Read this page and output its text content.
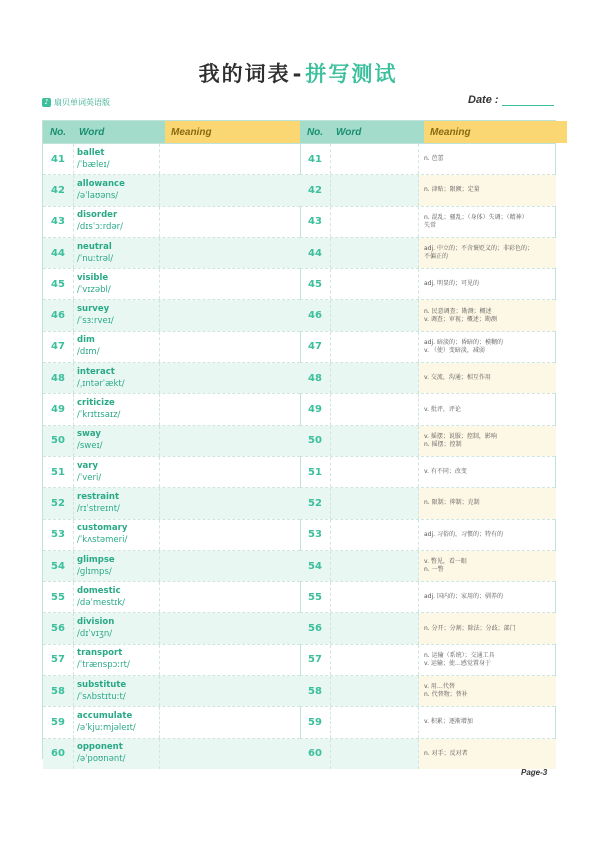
我的词表-拼写测试
♪ 扇贝单词英语版	Date :
No.	Word	Meaning
41
ballet
/ˈbæleɪ/
42
allowance
/əˈlaʊəns/
43
disorder
/dɪsˈɔːrdər/
44
neutral
/ˈnuːtrəl/
45
visible
/ˈvɪzəbl/
46
survey
/ˈsɜːrveɪ/
47
dim
/dɪm/
48
interact
/ˌɪntərˈækt/
49
criticize
/ˈkrɪtɪsaɪz/
50
sway
/sweɪ/
51
vary
/ˈveri/
52
restraint
/rɪˈstreɪnt/
53
customary
/ˈkʌstəmeri/
54
glimpse
/ɡlɪmps/
55
domestic
/dəˈmestɪk/
56
division
/dɪˈvɪʒn/
57
transport
/ˈtrænspɔːrt/
58
substitute
/ˈsʌbstɪtuːt/
59
accumulate
/əˈkjuːmjəleɪt/
60
opponent
/əˈpoʊnənt/
No.	Word	Meaning
41	n. 芭蕾
42	n. 津贴；限额；定量
43	n. 混乱；骚乱；（身体）失调；（精神）
失常
44	adj. 中立的；不含褒贬义的；非彩色的；
不偏正的
45	adj. 明显的；可见的
46	n. 民意调查；勘测；概述
v. 调查；审视；概述；勘测
47	adj. 暗淡的；昏暗的；模糊的
v. （使）变暗淡，减弱
48	v. 交流，沟通；相互作用
49	v. 批评，评论
50	v. 摇摆；说服；控制，影响
n. 摇摆；控制
51	v. 有不同；改变
52	n. 限制；抑制；克制
53	adj. 习俗的，习惯的；特有的
54	v. 瞥见，看一眼
n. 一瞥
55	adj. 国内的；家用的；驯养的
56	n. 分开；分割；除法；分歧；部门
57	n. 运输（系统）；交通工具
v. 运输；使…感觉置身于
58	v. 用…代替
n. 代替物；替补
59	v. 积累；逐渐增加
60	n. 对手；反对者
Page-3
